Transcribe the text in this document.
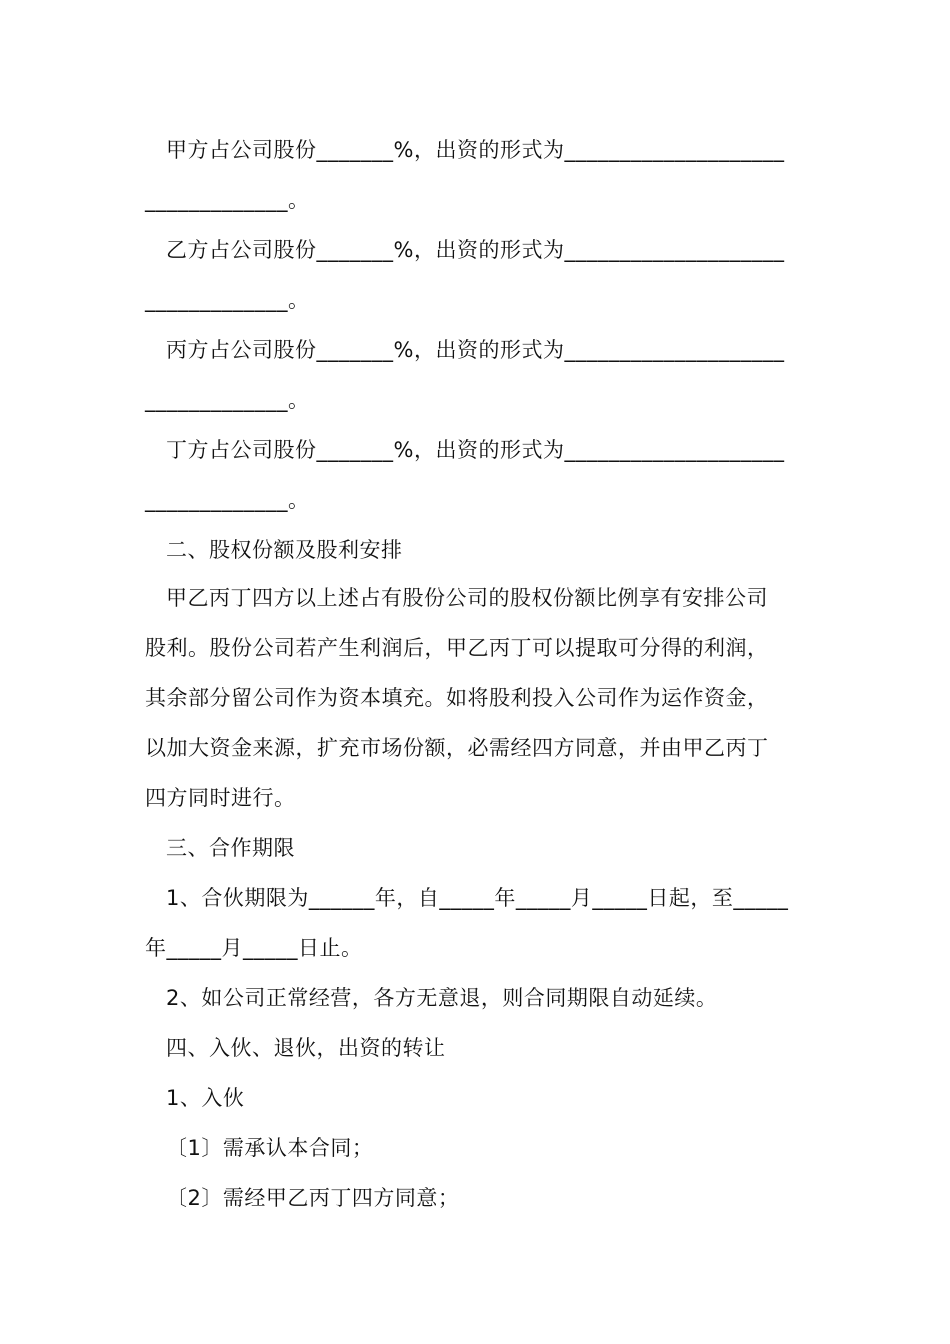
甲方占公司股份_______%，出资的形式为____________________
_____________。
乙方占公司股份_______%，出资的形式为____________________
_____________。
丙方占公司股份_______%，出资的形式为____________________
_____________。
丁方占公司股份_______%，出资的形式为____________________
_____________。
二、股权份额及股利安排
甲乙丙丁四方以上述占有股份公司的股权份额比例享有安排公司
股利。股份公司若产生利润后，甲乙丙丁可以提取可分得的利润，
其余部分留公司作为资本填充。如将股利投入公司作为运作资金，
以加大资金来源，扩充市场份额，必需经四方同意，并由甲乙丙丁
四方同时进行。
三、合作期限
1、合伙期限为______年，自_____年_____月_____日起，至_____
年_____月_____日止。
2、如公司正常经营，各方无意退，则合同期限自动延续。
四、入伙、退伙，出资的转让
1、入伙
〔1〕需承认本合同；
〔2〕需经甲乙丙丁四方同意；
